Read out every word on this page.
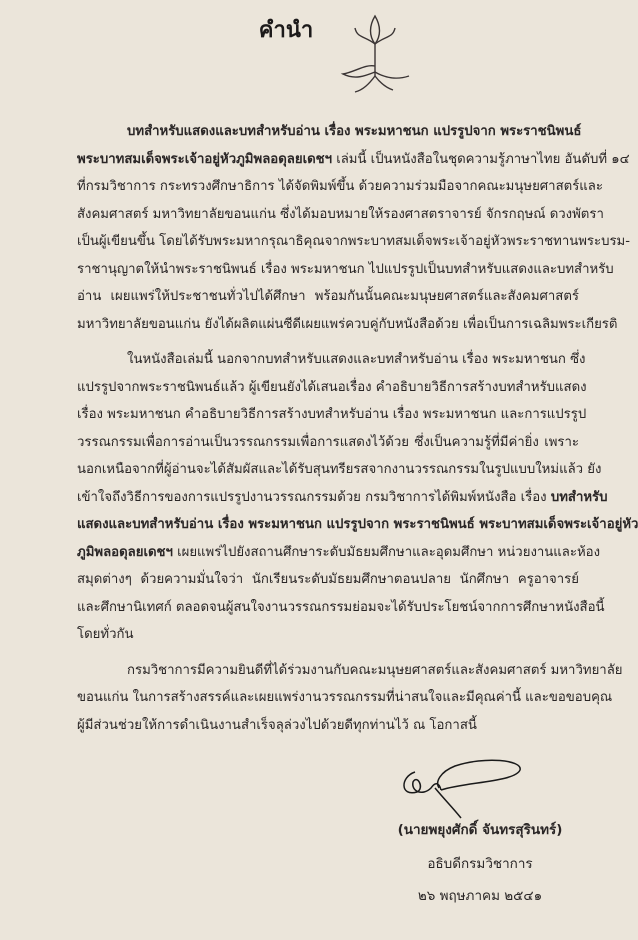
คำนำ
บทสำหรับแสดงและบทสำหรับอ่าน เรื่อง พระมหาชนก แปรรูปจาก พระราชนิพนธ์
พระบาทสมเด็จพระเจ้าอยู่หัวภูมิพลอดุลยเดชฯ เล่มนี้ เป็นหนังสือในชุดความรู้ภาษาไทย อันดับที่ ๑๔
ที่กรมวิชาการ กระทรวงศึกษาธิการ ได้จัดพิมพ์ขึ้น ด้วยความร่วมมือจากคณะมนุษยศาสตร์และ
สังคมศาสตร์ มหาวิทยาลัยขอนแก่น ซึ่งได้มอบหมายให้รองศาสตราจารย์ จักรกฤษณ์ ดวงพัตรา
เป็นผู้เขียนขึ้น โดยได้รับพระมหากรุณาธิคุณจากพระบาทสมเด็จพระเจ้าอยู่หัวพระราชทานพระบรม-
ราชานุญาตให้นำพระราชนิพนธ์ เรื่อง พระมหาชนก ไปแปรรูปเป็นบทสำหรับแสดงและบทสำหรับ
อ่าน เผยแพร่ให้ประชาชนทั่วไปได้ศึกษา พร้อมกันนั้นคณะมนุษยศาสตร์และสังคมศาสตร์
มหาวิทยาลัยขอนแก่น ยังได้ผลิตแผ่นซีดีเผยแพร่ควบคู่กับหนังสือด้วย เพื่อเป็นการเฉลิมพระเกียรติ
ในหนังสือเล่มนี้ นอกจากบทสำหรับแสดงและบทสำหรับอ่าน เรื่อง พระมหาชนก ซึ่ง
แปรรูปจากพระราชนิพนธ์แล้ว ผู้เขียนยังได้เสนอเรื่อง คำอธิบายวิธีการสร้างบทสำหรับแสดง
เรื่อง พระมหาชนก คำอธิบายวิธีการสร้างบทสำหรับอ่าน เรื่อง พระมหาชนก และการแปรรูป
วรรณกรรมเพื่อการอ่านเป็นวรรณกรรมเพื่อการแสดงไว้ด้วย ซึ่งเป็นความรู้ที่มีค่ายิ่ง เพราะ
นอกเหนือจากที่ผู้อ่านจะได้สัมผัสและได้รับสุนทรียรสจากงานวรรณกรรมในรูปแบบใหม่แล้ว ยัง
เข้าใจถึงวิธีการของการแปรรูปงานวรรณกรรมด้วย กรมวิชาการได้พิมพ์หนังสือ เรื่อง บทสำหรับ
แสดงและบทสำหรับอ่าน เรื่อง พระมหาชนก แปรรูปจาก พระราชนิพนธ์ พระบาทสมเด็จพระเจ้าอยู่หัว
ภูมิพลอดุลยเดชฯ เผยแพร่ไปยังสถานศึกษาระดับมัธยมศึกษาและอุดมศึกษา หน่วยงานและห้อง
สมุดต่างๆ ด้วยความมั่นใจว่า นักเรียนระดับมัธยมศึกษาตอนปลาย นักศึกษา ครูอาจารย์
และศึกษานิเทศก์ ตลอดจนผู้สนใจงานวรรณกรรมย่อมจะได้รับประโยชน์จากการศึกษาหนังสือนี้
โดยทั่วกัน
กรมวิชาการมีความยินดีที่ได้ร่วมงานกับคณะมนุษยศาสตร์และสังคมศาสตร์ มหาวิทยาลัย
ขอนแก่น ในการสร้างสรรค์และเผยแพร่งานวรรณกรรมที่น่าสนใจและมีคุณค่านี้ และขอขอบคุณ
ผู้มีส่วนช่วยให้การดำเนินงานสำเร็จลุล่วงไปด้วยดีทุกท่านไว้ ณ โอกาสนี้
(นายพยุงศักดิ์ จันทรสุรินทร์)
อธิบดีกรมวิชาการ
๒๖ พฤษภาคม ๒๕๔๑
